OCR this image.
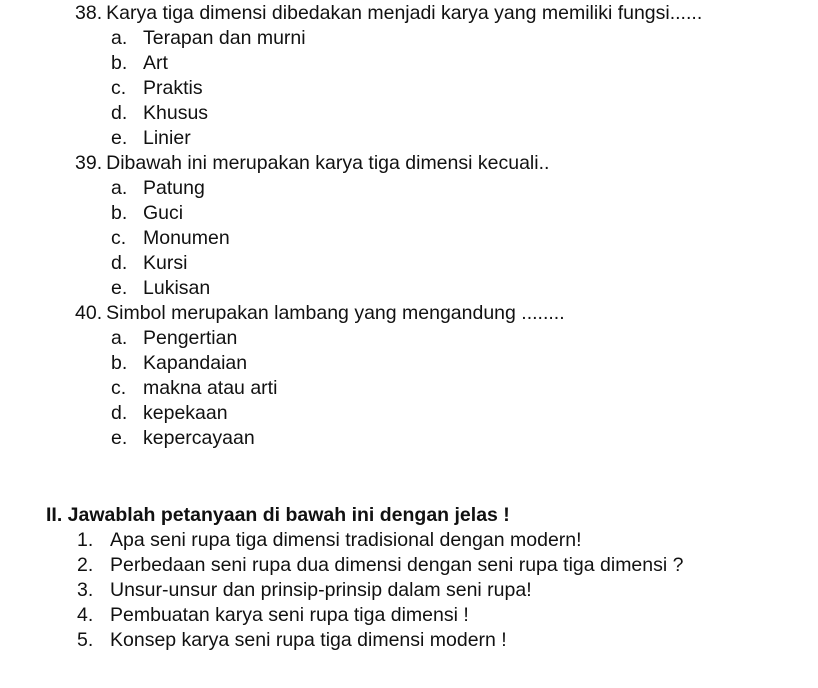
38. Karya tiga dimensi dibedakan menjadi karya yang memiliki fungsi......
a. Terapan dan murni
b. Art
c. Praktis
d. Khusus
e. Linier
39. Dibawah ini merupakan karya tiga dimensi kecuali..
a. Patung
b. Guci
c. Monumen
d. Kursi
e. Lukisan
40. Simbol merupakan lambang yang mengandung ........
a. Pengertian
b. Kapandaian
c. makna atau arti
d. kepekaan
e. kepercayaan
II. Jawablah petanyaan di bawah ini dengan jelas !
1. Apa seni rupa tiga dimensi tradisional dengan modern!
2. Perbedaan seni rupa dua dimensi dengan seni rupa tiga dimensi ?
3. Unsur-unsur dan prinsip-prinsip dalam seni rupa!
4. Pembuatan karya seni rupa tiga dimensi !
5. Konsep karya seni rupa tiga dimensi modern !
